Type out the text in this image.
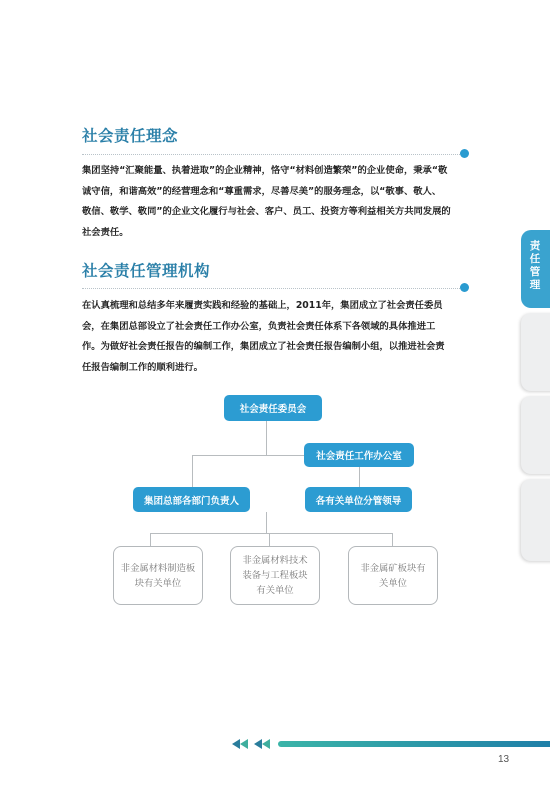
社会责任理念
集团坚持“汇聚能量、执着进取”的企业精神，恪守“材料创造繁荣”的企业使命，秉承“敬
诚守信，和谐高效”的经营理念和“尊重需求，尽善尽美”的服务理念，以“敬事、敬人、
敬信、敬学、敬同”的企业文化履行与社会、客户、员工、投资方等利益相关方共同发展的
社会责任。
社会责任管理机构
在认真梳理和总结多年来履责实践和经验的基础上，2011年，集团成立了社会责任委员
会，在集团总部设立了社会责任工作办公室，负责社会责任体系下各领域的具体推进工
作。为做好社会责任报告的编制工作，集团成立了社会责任报告编制小组，以推进社会责
任报告编制工作的顺利进行。
责任管理
社会责任委员会
社会责任工作办公室
集团总部各部门负责人	各有关单位分管领导
非金属材料制造板
块有关单位
非金属材料技术
装备与工程板块
有关单位
非金属矿板块有
关单位
13
